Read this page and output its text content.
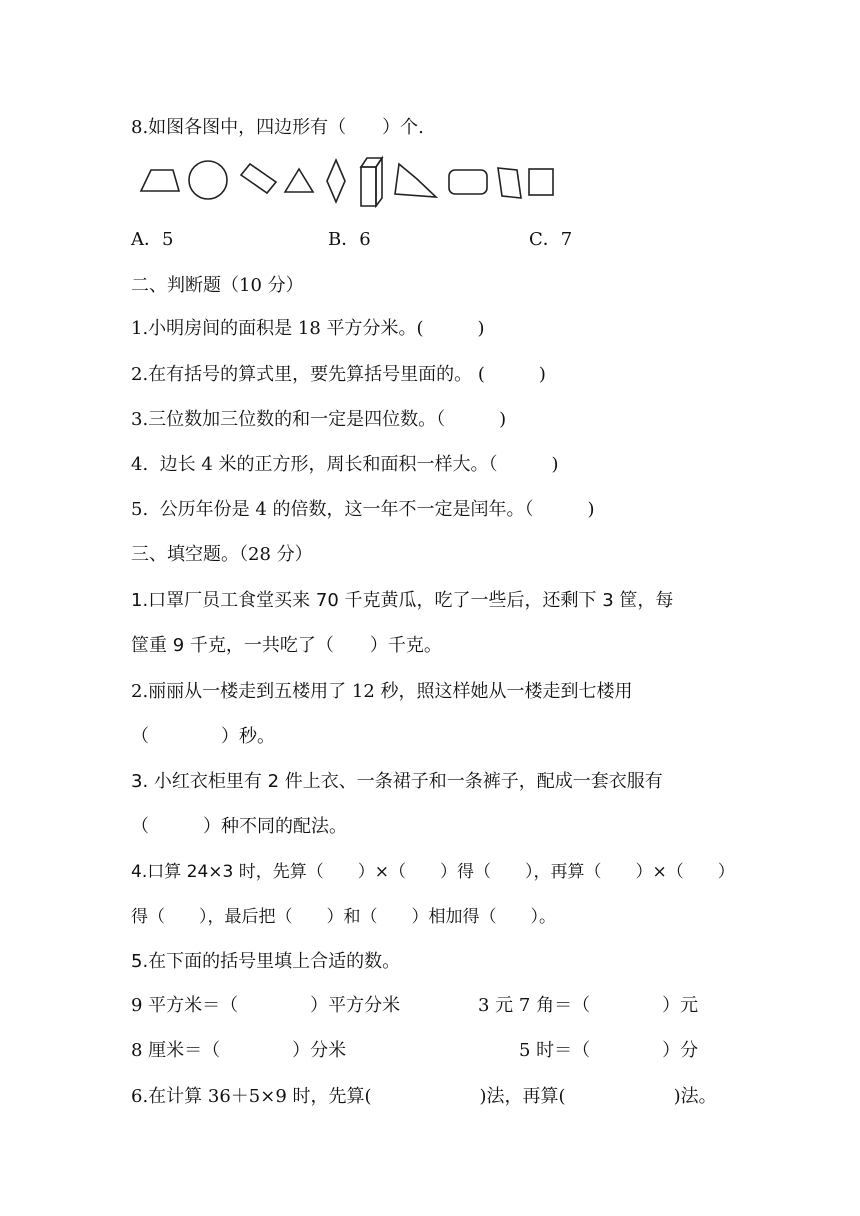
8.如图各图中，四边形有（　　）个.
A．5	B．6	C．7
二、判断题（10 分）
1.小明房间的面积是 18 平方分米。(　　　)
2.在有括号的算式里，要先算括号里面的。 (　　　)
3.三位数加三位数的和一定是四位数。（　　　)
4.  边长 4 米的正方形，周长和面积一样大。（　　　)
5.  公历年份是 4 的倍数，这一年不一定是闰年。（　　　)
三、填空题。（28 分）
1.口罩厂员工食堂买来 70 千克黄瓜，吃了一些后，还剩下 3 筐，每
筐重 9 千克，一共吃了（　　）千克。
2.丽丽从一楼走到五楼用了 12 秒，照这样她从一楼走到七楼用
（　　　　）秒。
3. 小红衣柜里有 2 件上衣、一条裙子和一条裤子，配成一套衣服有
（　　　）种不同的配法。
4.口算 24×3 时，先算（　　）×（　　）得（　　），再算（　　）×（　　）
得（　　），最后把（　　）和（　　）相加得（　　）。
5.在下面的括号里填上合适的数。
9 平方米＝（　　　　）平方分米	3 元 7 角＝（　　　　）元
8 厘米＝（　　　　）分米	5 时＝（　　　　）分
6.在计算 36＋5×9 时，先算(　　　　　　)法，再算(　　　　　　)法。
